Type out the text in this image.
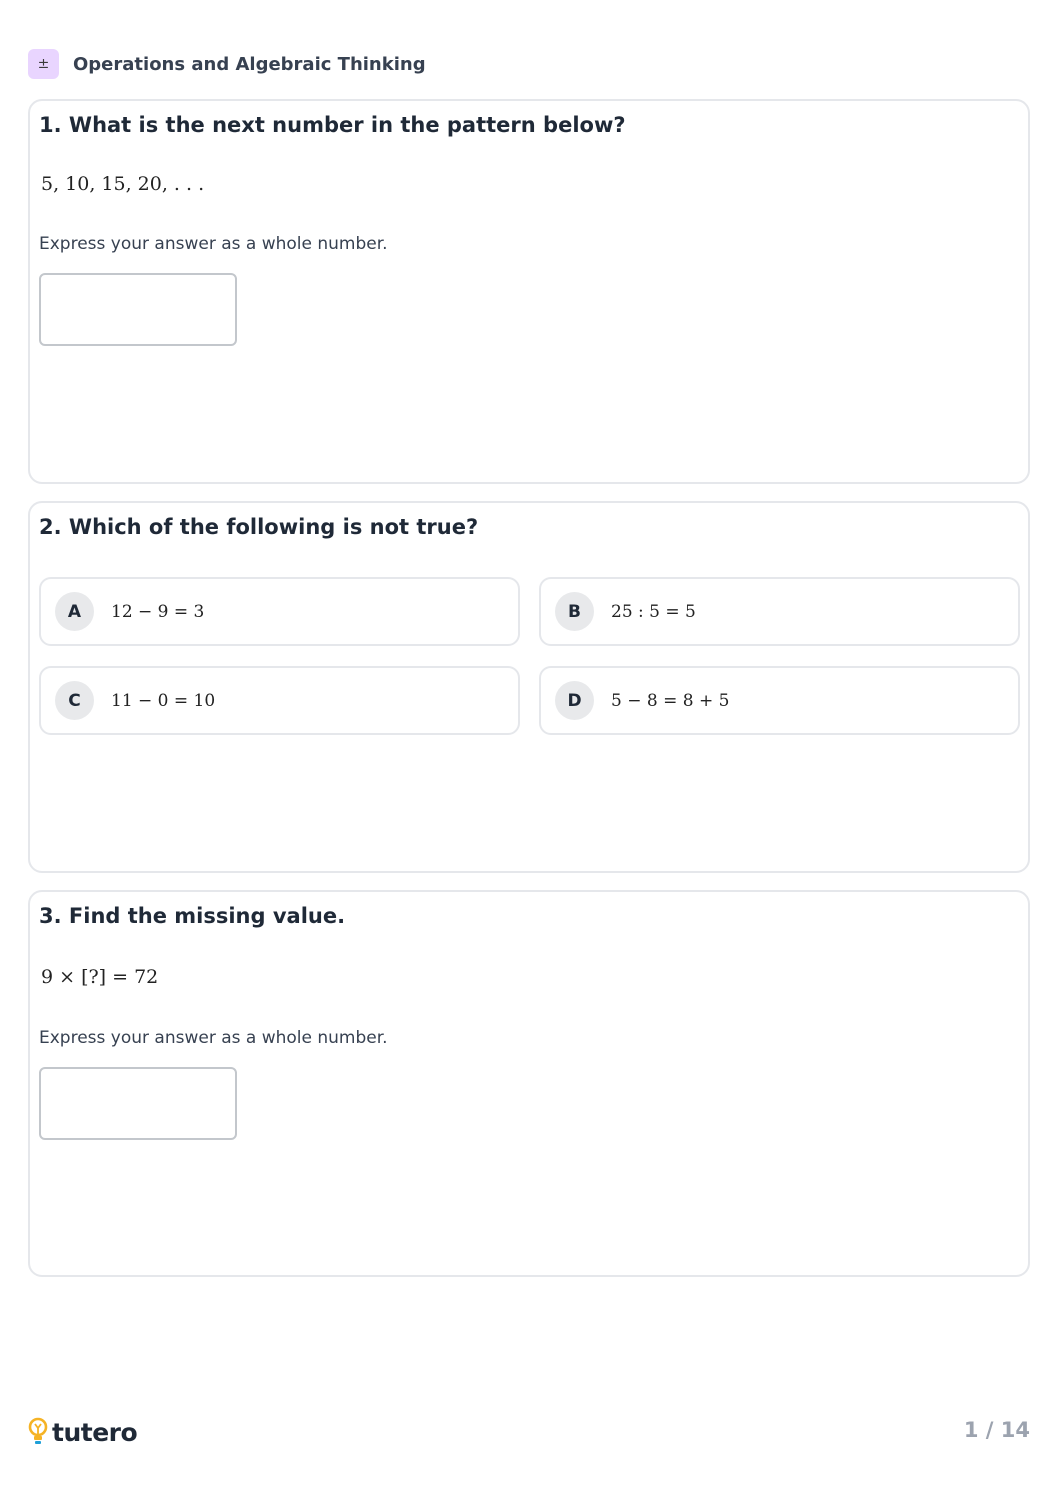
±	Operations and Algebraic Thinking
1. What is the next number in the pattern below?
5, 10, 15, 20, . . .
Express your answer as a whole number.
2. Which of the following is not true?
A	12 − 9 = 3	B	25 : 5 = 5
C	11 − 0 = 10	D	5 − 8 = 8 + 5
3. Find the missing value.
9 × [?] = 72
Express your answer as a whole number.
tutero	1 / 14
